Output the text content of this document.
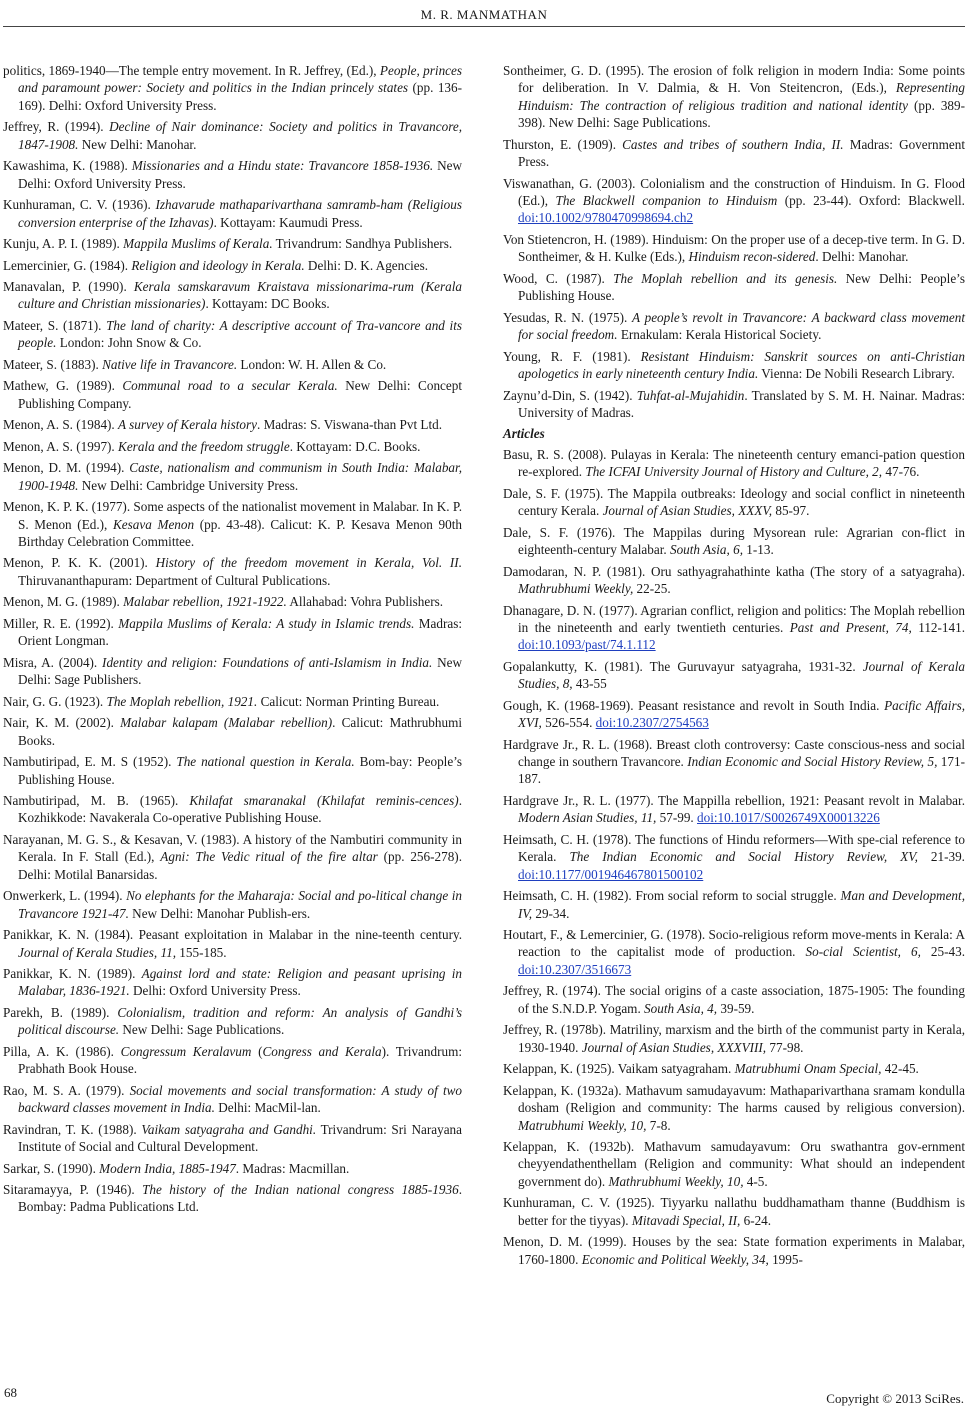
M. R. MANMATHAN
politics, 1869-1940—The temple entry movement. In R. Jeffrey, (Ed.), People, princes and paramount power: Society and politics in the Indian princely states (pp. 136-169). Delhi: Oxford University Press.
Jeffrey, R. (1994). Decline of Nair dominance: Society and politics in Travancore, 1847-1908. New Delhi: Manohar.
Kawashima, K. (1988). Missionaries and a Hindu state: Travancore 1858-1936. New Delhi: Oxford University Press.
Kunhuraman, C. V. (1936). Izhavarude mathaparivarthana samramb-ham (Religious conversion enterprise of the Izhavas). Kottayam: Kaumudi Press.
Kunju, A. P. I. (1989). Mappila Muslims of Kerala. Trivandrum: Sandhya Publishers.
Lemercinier, G. (1984). Religion and ideology in Kerala. Delhi: D. K. Agencies.
Manavalan, P. (1990). Kerala samskaravum Kraistava missionarima-rum (Kerala culture and Christian missionaries). Kottayam: DC Books.
Mateer, S. (1871). The land of charity: A descriptive account of Tra-vancore and its people. London: John Snow & Co.
Mateer, S. (1883). Native life in Travancore. London: W. H. Allen & Co.
Mathew, G. (1989). Communal road to a secular Kerala. New Delhi: Concept Publishing Company.
Menon, A. S. (1984). A survey of Kerala history. Madras: S. Viswana-than Pvt Ltd.
Menon, A. S. (1997). Kerala and the freedom struggle. Kottayam: D.C. Books.
Menon, D. M. (1994). Caste, nationalism and communism in South India: Malabar, 1900-1948. New Delhi: Cambridge University Press.
Menon, K. P. K. (1977). Some aspects of the nationalist movement in Malabar. In K. P. S. Menon (Ed.), Kesava Menon (pp. 43-48). Calicut: K. P. Kesava Menon 90th Birthday Celebration Committee.
Menon, P. K. K. (2001). History of the freedom movement in Kerala, Vol. II. Thiruvananthapuram: Department of Cultural Publications.
Menon, M. G. (1989). Malabar rebellion, 1921-1922. Allahabad: Vohra Publishers.
Miller, R. E. (1992). Mappila Muslims of Kerala: A study in Islamic trends. Madras: Orient Longman.
Misra, A. (2004). Identity and religion: Foundations of anti-Islamism in India. New Delhi: Sage Publishers.
Nair, G. G. (1923). The Moplah rebellion, 1921. Calicut: Norman Printing Bureau.
Nair, K. M. (2002). Malabar kalapam (Malabar rebellion). Calicut: Mathrubhumi Books.
Nambutiripad, E. M. S (1952). The national question in Kerala. Bom-bay: People’s Publishing House.
Nambutiripad, M. B. (1965). Khilafat smaranakal (Khilafat reminis-cences). Kozhikkode: Navakerala Co-operative Publishing House.
Narayanan, M. G. S., & Kesavan, V. (1983). A history of the Nambutiri community in Kerala. In F. Stall (Ed.), Agni: The Vedic ritual of the fire altar (pp. 256-278). Delhi: Motilal Banarsidas.
Onwerkerk, L. (1994). No elephants for the Maharaja: Social and po-litical change in Travancore 1921-47. New Delhi: Manohar Publish-ers.
Panikkar, K. N. (1984). Peasant exploitation in Malabar in the nine-teenth century. Journal of Kerala Studies, 11, 155-185.
Panikkar, K. N. (1989). Against lord and state: Religion and peasant uprising in Malabar, 1836-1921. Delhi: Oxford University Press.
Parekh, B. (1989). Colonialism, tradition and reform: An analysis of Gandhi’s political discourse. New Delhi: Sage Publications.
Pilla, A. K. (1986). Congressum Keralavum (Congress and Kerala). Trivandrum: Prabhath Book House.
Rao, M. S. A. (1979). Social movements and social transformation: A study of two backward classes movement in India. Delhi: MacMil-lan.
Ravindran, T. K. (1988). Vaikam satyagraha and Gandhi. Trivandrum: Sri Narayana Institute of Social and Cultural Development.
Sarkar, S. (1990). Modern India, 1885-1947. Madras: Macmillan.
Sitaramayya, P. (1946). The history of the Indian national congress 1885-1936. Bombay: Padma Publications Ltd.
Sontheimer, G. D. (1995). The erosion of folk religion in modern India: Some points for deliberation. In V. Dalmia, & H. Von Steitencron, (Eds.), Representing Hinduism: The contraction of religious tradition and national identity (pp. 389-398). New Delhi: Sage Publications.
Thurston, E. (1909). Castes and tribes of southern India, II. Madras: Government Press.
Viswanathan, G. (2003). Colonialism and the construction of Hinduism. In G. Flood (Ed.), The Blackwell companion to Hinduism (pp. 23-44). Oxford: Blackwell. doi:10.1002/9780470998694.ch2
Von Stietencron, H. (1989). Hinduism: On the proper use of a decep-tive term. In G. D. Sontheimer, & H. Kulke (Eds.), Hinduism recon-sidered. Delhi: Manohar.
Wood, C. (1987). The Moplah rebellion and its genesis. New Delhi: People’s Publishing House.
Yesudas, R. N. (1975). A people’s revolt in Travancore: A backward class movement for social freedom. Ernakulam: Kerala Historical Society.
Young, R. F. (1981). Resistant Hinduism: Sanskrit sources on anti-Christian apologetics in early nineteenth century India. Vienna: De Nobili Research Library.
Zaynu’d-Din, S. (1942). Tuhfat-al-Mujahidin. Translated by S. M. H. Nainar. Madras: University of Madras.
Articles
Basu, R. S. (2008). Pulayas in Kerala: The nineteenth century emanci-pation question re-explored. The ICFAI University Journal of History and Culture, 2, 47-76.
Dale, S. F. (1975). The Mappila outbreaks: Ideology and social conflict in nineteenth century Kerala. Journal of Asian Studies, XXXV, 85-97.
Dale, S. F. (1976). The Mappilas during Mysorean rule: Agrarian con-flict in eighteenth-century Malabar. South Asia, 6, 1-13.
Damodaran, N. P. (1981). Oru sathyagrahathinte katha (The story of a satyagraha). Mathrubhumi Weekly, 22-25.
Dhanagare, D. N. (1977). Agrarian conflict, religion and politics: The Moplah rebellion in the nineteenth and early twentieth centuries. Past and Present, 74, 112-141. doi:10.1093/past/74.1.112
Gopalankutty, K. (1981). The Guruvayur satyagraha, 1931-32. Journal of Kerala Studies, 8, 43-55
Gough, K. (1968-1969). Peasant resistance and revolt in South India. Pacific Affairs, XVI, 526-554. doi:10.2307/2754563
Hardgrave Jr., R. L. (1968). Breast cloth controversy: Caste conscious-ness and social change in southern Travancore. Indian Economic and Social History Review, 5, 171-187.
Hardgrave Jr., R. L. (1977). The Mappilla rebellion, 1921: Peasant revolt in Malabar. Modern Asian Studies, 11, 57-99. doi:10.1017/S0026749X00013226
Heimsath, C. H. (1978). The functions of Hindu reformers—With spe-cial reference to Kerala. The Indian Economic and Social History Review, XV, 21-39. doi:10.1177/001946467801500102
Heimsath, C. H. (1982). From social reform to social struggle. Man and Development, IV, 29-34.
Houtart, F., & Lemercinier, G. (1978). Socio-religious reform move-ments in Kerala: A reaction to the capitalist mode of production. So-cial Scientist, 6, 25-43. doi:10.2307/3516673
Jeffrey, R. (1974). The social origins of a caste association, 1875-1905: The founding of the S.N.D.P. Yogam. South Asia, 4, 39-59.
Jeffrey, R. (1978b). Matriliny, marxism and the birth of the communist party in Kerala, 1930-1940. Journal of Asian Studies, XXXVIII, 77-98.
Kelappan, K. (1925). Vaikam satyagraham. Matrubhumi Onam Special, 42-45.
Kelappan, K. (1932a). Mathavum samudayavum: Mathaparivarthana sramam kondulla dosham (Religion and community: The harms caused by religious conversion). Matrubhumi Weekly, 10, 7-8.
Kelappan, K. (1932b). Mathavum samudayavum: Oru swathantra gov-ernment cheyyendathenthellam (Religion and community: What should an independent government do). Mathrubhumi Weekly, 10, 4-5.
Kunhuraman, C. V. (1925). Tiyyarku nallathu buddhamatham thanne (Buddhism is better for the tiyyas). Mitavadi Special, II, 6-24.
Menon, D. M. (1999). Houses by the sea: State formation experiments in Malabar, 1760-1800. Economic and Political Weekly, 34, 1995-
68	Copyright © 2013 SciRes.
